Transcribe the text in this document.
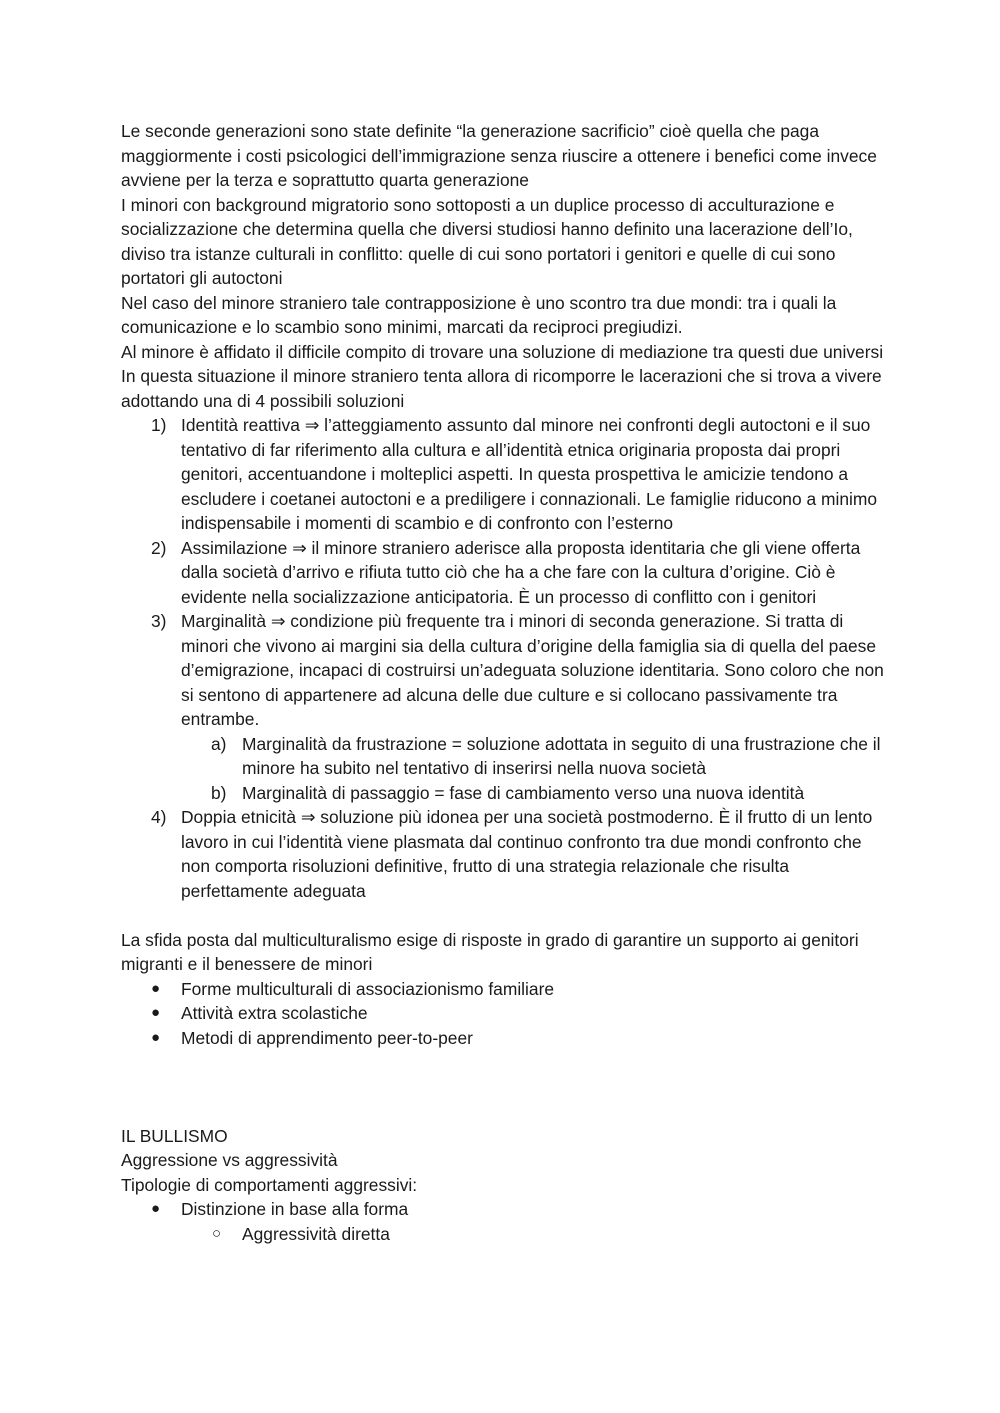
Le seconde generazioni sono state definite “la generazione sacrificio” cioè quella che paga maggiormente i costi psicologici dell’immigrazione senza riuscire a ottenere i benefici come invece avviene per la terza e soprattutto quarta generazione

I minori con background migratorio sono sottoposti a un duplice processo di acculturazione e socializzazione che determina quella che diversi studiosi hanno definito una lacerazione dell’Io, diviso tra istanze culturali in conflitto: quelle di cui sono portatori i genitori e quelle di cui sono portatori gli autoctoni

Nel caso del minore straniero tale contrapposizione è uno scontro tra due mondi: tra i quali la comunicazione e lo scambio sono minimi, marcati da reciproci pregiudizi.

Al minore è affidato il difficile compito di trovare una soluzione di mediazione tra questi due universi

In questa situazione il minore straniero tenta allora di ricomporre le lacerazioni che si trova a vivere adottando una di 4 possibili soluzioni

1) Identità reattiva ⇒ l’atteggiamento assunto dal minore nei confronti degli autoctoni e il suo tentativo di far riferimento alla cultura e all’identità etnica originaria proposta dai propri genitori, accentuandone i molteplici aspetti. In questa prospettiva le amicizie tendono a escludere i coetanei autoctoni e a prediligere i connazionali. Le famiglie riducono a minimo indispensabile i momenti di scambio e di confronto con l’esterno
2) Assimilazione ⇒ il minore straniero aderisce alla proposta identitaria che gli viene offerta dalla società d’arrivo e rifiuta tutto ciò che ha a che fare con la cultura d’origine. Ciò è evidente nella socializzazione anticipatoria. È un processo di conflitto con i genitori
3) Marginalità ⇒ condizione più frequente tra i minori di seconda generazione. Si tratta di minori che vivono ai margini sia della cultura d’origine della famiglia sia di quella del paese d’emigrazione, incapaci di costruirsi un’adeguata soluzione identitaria. Sono coloro che non si sentono di appartenere ad alcuna delle due culture e si collocano passivamente tra entrambe.
a) Marginalità da frustrazione = soluzione adottata in seguito di una frustrazione che il minore ha subito nel tentativo di inserirsi nella nuova società
b) Marginalità di passaggio = fase di cambiamento verso una nuova identità
4) Doppia etnicità ⇒ soluzione più idonea per una società postmoderno. È il frutto di un lento lavoro in cui l’identità viene plasmata dal continuo confronto tra due mondi confronto che non comporta risoluzioni definitive, frutto di una strategia relazionale che risulta perfettamente adeguata

La sfida posta dal multiculturalismo esige di risposte in grado di garantire un supporto ai genitori migranti e il benessere de minori

● Forme multiculturali di associazionismo familiare
● Attività extra scolastiche
● Metodi di apprendimento peer-to-peer

IL BULLISMO

Aggressione vs aggressività

Tipologie di comportamenti aggressivi:

● Distinzione in base alla forma
○ Aggressività diretta
